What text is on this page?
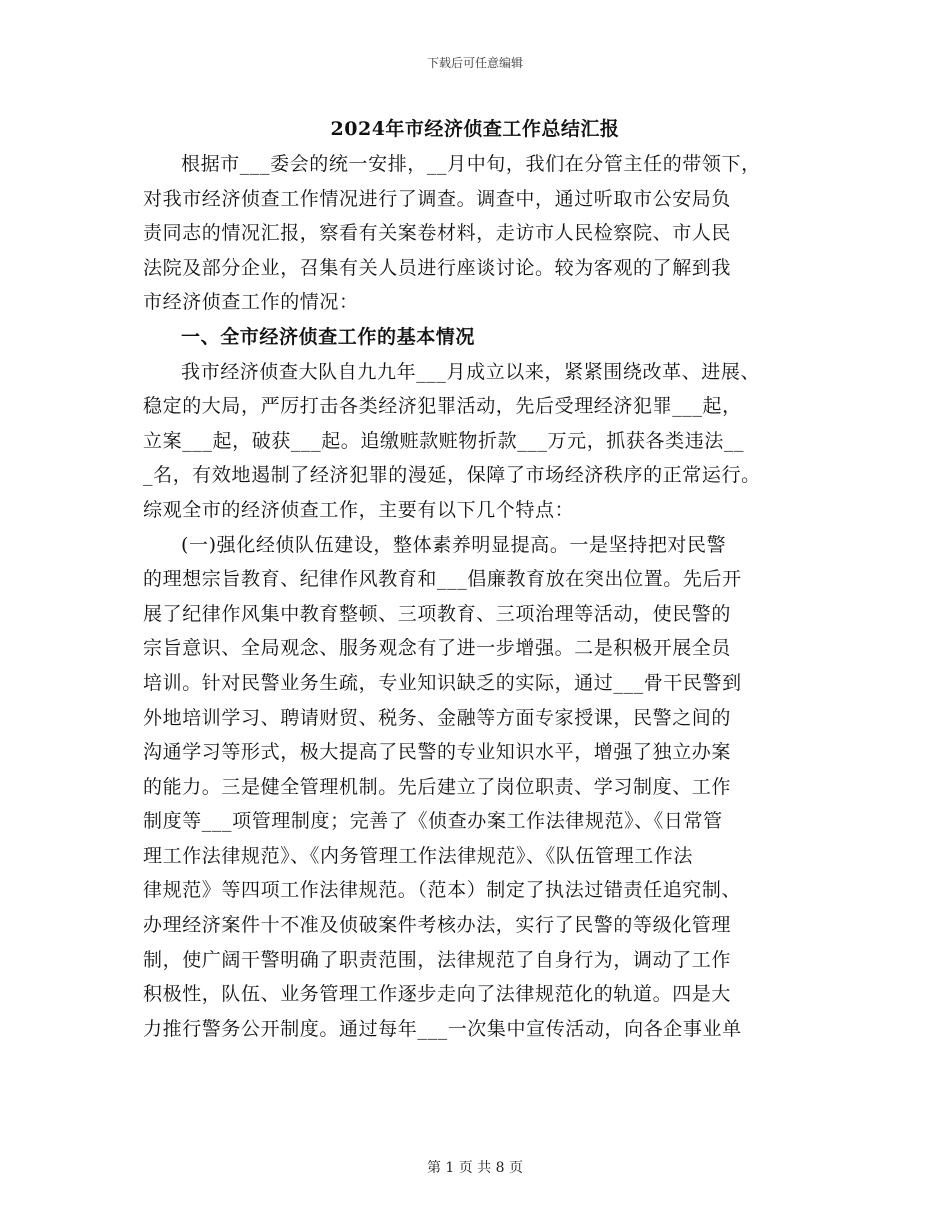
下载后可任意编辑
2024年市经济侦查工作总结汇报
根据市___委会的统一安排，__月中旬，我们在分管主任的带领下，
对我市经济侦查工作情况进行了调查。调查中，通过听取市公安局负
责同志的情况汇报，察看有关案卷材料，走访市人民检察院、市人民
法院及部分企业，召集有关人员进行座谈讨论。较为客观的了解到我
市经济侦查工作的情况：
一、全市经济侦查工作的基本情况
我市经济侦查大队自九九年___月成立以来，紧紧围绕改革、进展、
稳定的大局，严厉打击各类经济犯罪活动，先后受理经济犯罪___起，
立案___起，破获___起。追缴赃款赃物折款___万元，抓获各类违法__
_名，有效地遏制了经济犯罪的漫延，保障了市场经济秩序的正常运行。
综观全市的经济侦查工作，主要有以下几个特点：
(一)强化经侦队伍建设，整体素养明显提高。一是坚持把对民警
的理想宗旨教育、纪律作风教育和___倡廉教育放在突出位置。先后开
展了纪律作风集中教育整顿、三项教育、三项治理等活动，使民警的
宗旨意识、全局观念、服务观念有了进一步增强。二是积极开展全员
培训。针对民警业务生疏，专业知识缺乏的实际，通过___骨干民警到
外地培训学习、聘请财贸、税务、金融等方面专家授课，民警之间的
沟通学习等形式，极大提高了民警的专业知识水平，增强了独立办案
的能力。三是健全管理机制。先后建立了岗位职责、学习制度、工作
制度等___项管理制度；完善了《侦查办案工作法律规范》、《日常管
理工作法律规范》、《内务管理工作法律规范》、《队伍管理工作法
律规范》等四项工作法律规范。（范本）制定了执法过错责任追究制、
办理经济案件十不准及侦破案件考核办法，实行了民警的等级化管理
制，使广阔干警明确了职责范围，法律规范了自身行为，调动了工作
积极性，队伍、业务管理工作逐步走向了法律规范化的轨道。四是大
力推行警务公开制度。通过每年___一次集中宣传活动，向各企事业单
第 1 页 共 8 页
